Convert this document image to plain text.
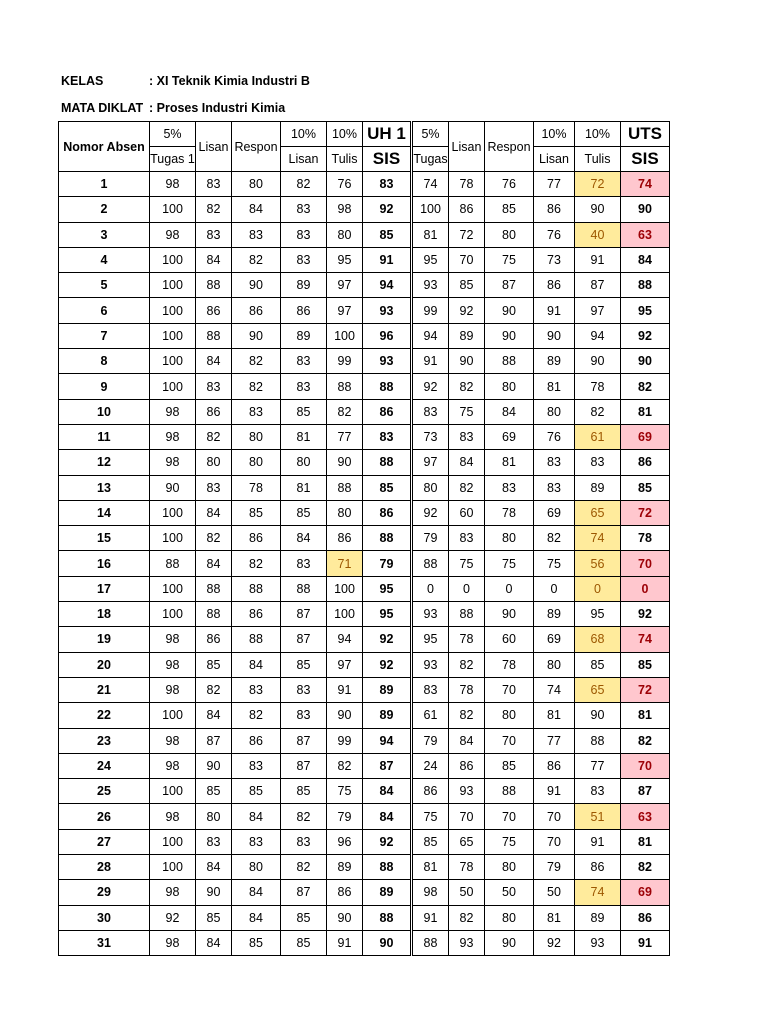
KELAS	: XI Teknik Kimia Industri B
MATA DIKLAT : Proses Industri Kimia
Nomor Absen	5%	Lisan	Respon	10%	10%	UH 1	5%	Lisan	Respon	10%	10%	UTS
	Tugas 1			Lisan	Tulis	SIS	Tugas			Lisan	Tulis	SIS
1	98	83	80	82	76	83	74	78	76	77	72	74
2	100	82	84	83	98	92	100	86	85	86	90	90
3	98	83	83	83	80	85	81	72	80	76	40	63
4	100	84	82	83	95	91	95	70	75	73	91	84
5	100	88	90	89	97	94	93	85	87	86	87	88
6	100	86	86	86	97	93	99	92	90	91	97	95
7	100	88	90	89	100	96	94	89	90	90	94	92
8	100	84	82	83	99	93	91	90	88	89	90	90
9	100	83	82	83	88	88	92	82	80	81	78	82
10	98	86	83	85	82	86	83	75	84	80	82	81
11	98	82	80	81	77	83	73	83	69	76	61	69
12	98	80	80	80	90	88	97	84	81	83	83	86
13	90	83	78	81	88	85	80	82	83	83	89	85
14	100	84	85	85	80	86	92	60	78	69	65	72
15	100	82	86	84	86	88	79	83	80	82	74	78
16	88	84	82	83	71	79	88	75	75	75	56	70
17	100	88	88	88	100	95	0	0	0	0	0	0
18	100	88	86	87	100	95	93	88	90	89	95	92
19	98	86	88	87	94	92	95	78	60	69	68	74
20	98	85	84	85	97	92	93	82	78	80	85	85
21	98	82	83	83	91	89	83	78	70	74	65	72
22	100	84	82	83	90	89	61	82	80	81	90	81
23	98	87	86	87	99	94	79	84	70	77	88	82
24	98	90	83	87	82	87	24	86	85	86	77	70
25	100	85	85	85	75	84	86	93	88	91	83	87
26	98	80	84	82	79	84	75	70	70	70	51	63
27	100	83	83	83	96	92	85	65	75	70	91	81
28	100	84	80	82	89	88	81	78	80	79	86	82
29	98	90	84	87	86	89	98	50	50	50	74	69
30	92	85	84	85	90	88	91	82	80	81	89	86
31	98	84	85	85	91	90	88	93	90	92	93	91
